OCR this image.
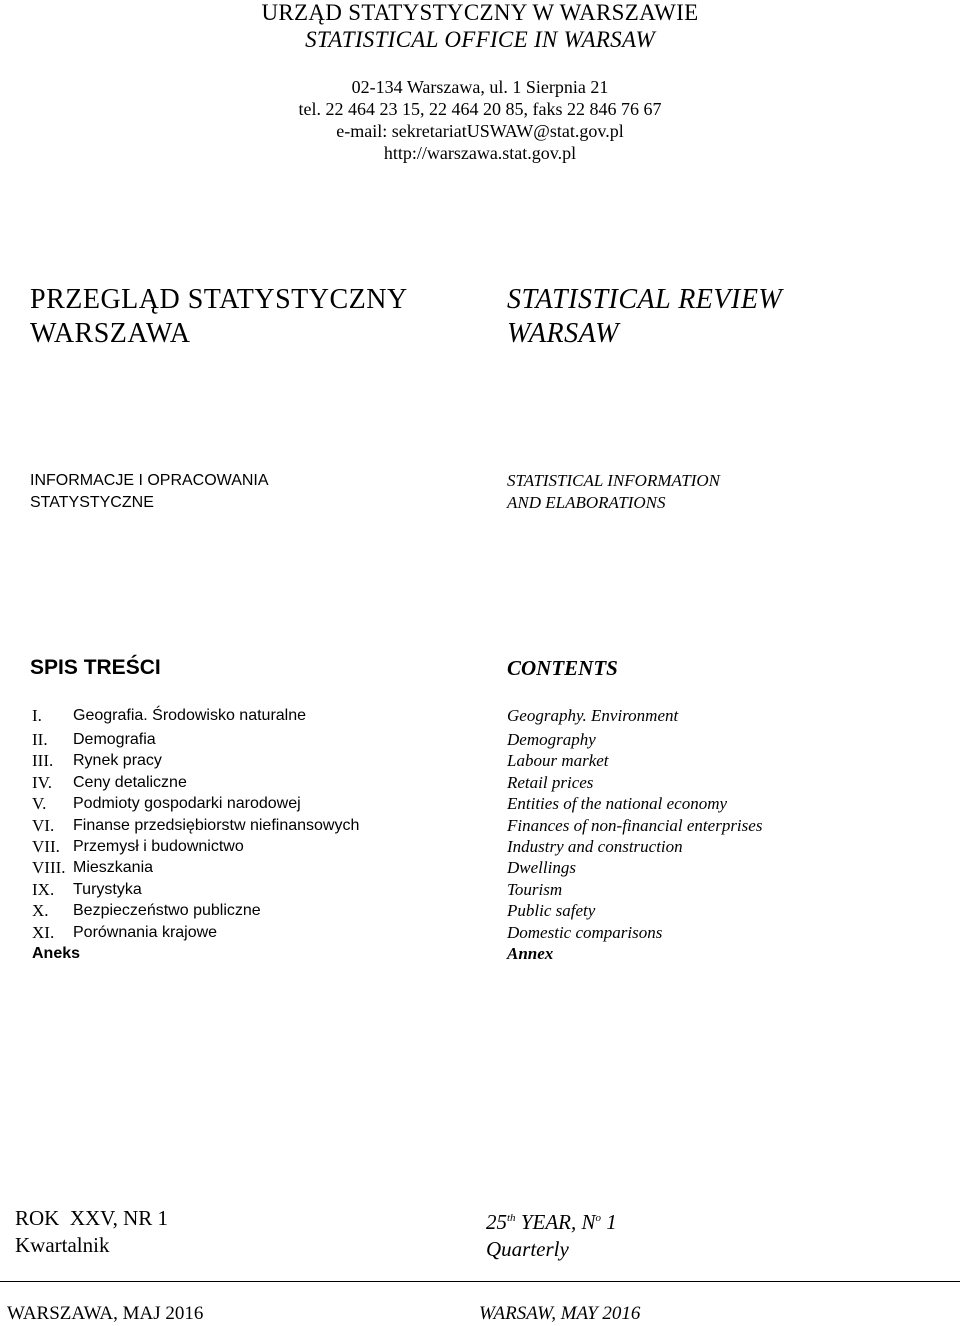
URZĄD STATYSTYCZNY W WARSZAWIE
STATISTICAL OFFICE IN WARSAW
02-134 Warszawa, ul. 1 Sierpnia 21
tel. 22 464 23 15, 22 464 20 85, faks 22 846 76 67
e-mail: sekretariatUSWAW@stat.gov.pl
http://warszawa.stat.gov.pl
PRZEGLĄD STATYSTYCZNY
WARSZAWA
STATISTICAL REVIEW
WARSAW
INFORMACJE I OPRACOWANIA
STATYSTYCZNE
STATISTICAL INFORMATION
AND ELABORATIONS
SPIS TREŚCI	CONTENTS
I. Geografia. Środowisko naturalne	Geography. Environment
II. Demografia	Demography
III. Rynek pracy	Labour market
IV. Ceny detaliczne	Retail prices
V. Podmioty gospodarki narodowej	Entities of the national economy
VI. Finanse przedsiębiorstw niefinansowych	Finances of non-financial enterprises
VII. Przemysł i budownictwo	Industry and construction
VIII. Mieszkania	Dwellings
IX. Turystyka	Tourism
X. Bezpieczeństwo publiczne	Public safety
XI. Porównania krajowe	Domestic comparisons
Aneks	Annex
ROK  XXV, NR 1
Kwartalnik
25th YEAR, $N^o$ 1
Quarterly
WARSZAWA, MAJ 2016	WARSAW, MAY 2016
